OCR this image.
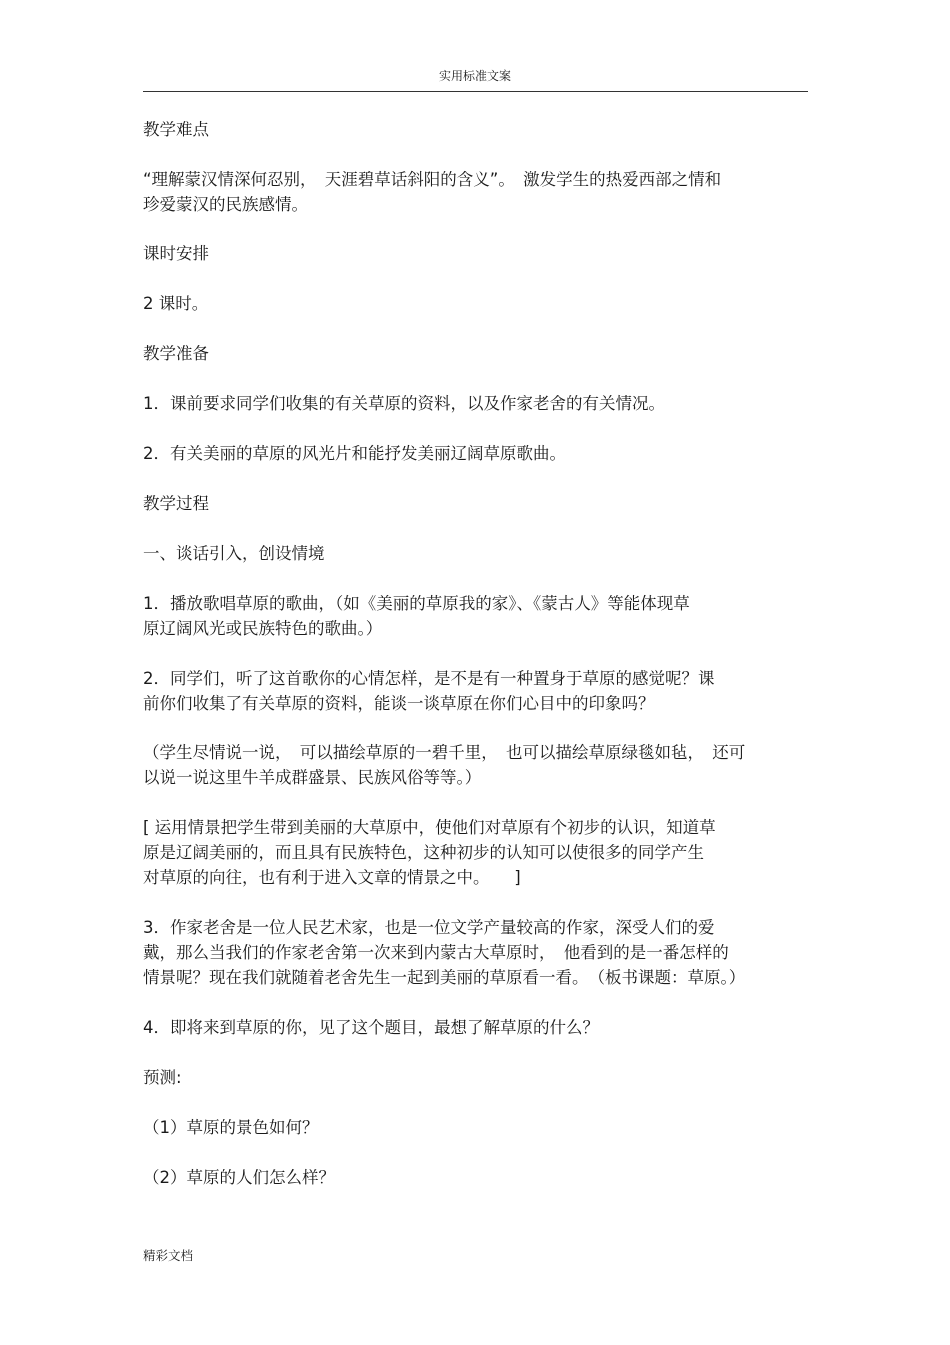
实用标准文案
教学难点
“理解蒙汉情深何忍别，　天涯碧草话斜阳的含义”。　激发学生的热爱西部之情和
珍爱蒙汉的民族感情。
课时安排
2 课时。
教学准备
1．课前要求同学们收集的有关草原的资料，以及作家老舍的有关情况。
2．有关美丽的草原的风光片和能抒发美丽辽阔草原歌曲。
教学过程
一、谈话引入，创设情境
1．播放歌唱草原的歌曲，（如《美丽的草原我的家》、《蒙古人》等能体现草
原辽阔风光或民族特色的歌曲。）
2．同学们，听了这首歌你的心情怎样，是不是有一种置身于草原的感觉呢？课
前你们收集了有关草原的资料，能谈一谈草原在你们心目中的印象吗？
（学生尽情说一说，　可以描绘草原的一碧千里，　也可以描绘草原绿毯如毡，　还可
以说一说这里牛羊成群盛景、民族风俗等等。）
[ 运用情景把学生带到美丽的大草原中，使他们对草原有个初步的认识，知道草
原是辽阔美丽的，而且具有民族特色，这种初步的认知可以使很多的同学产生
对草原的向往，也有利于进入文章的情景之中。　　]
3．作家老舍是一位人民艺术家，也是一位文学产量较高的作家，深受人们的爱
戴，那么当我们的作家老舍第一次来到内蒙古大草原时，　他看到的是一番怎样的
情景呢？现在我们就随着老舍先生一起到美丽的草原看一看。　（板书课题：草原。）
4．即将来到草原的你，见了这个题目，最想了解草原的什么？
预测:
（1）草原的景色如何？
（2）草原的人们怎么样？
精彩文档
